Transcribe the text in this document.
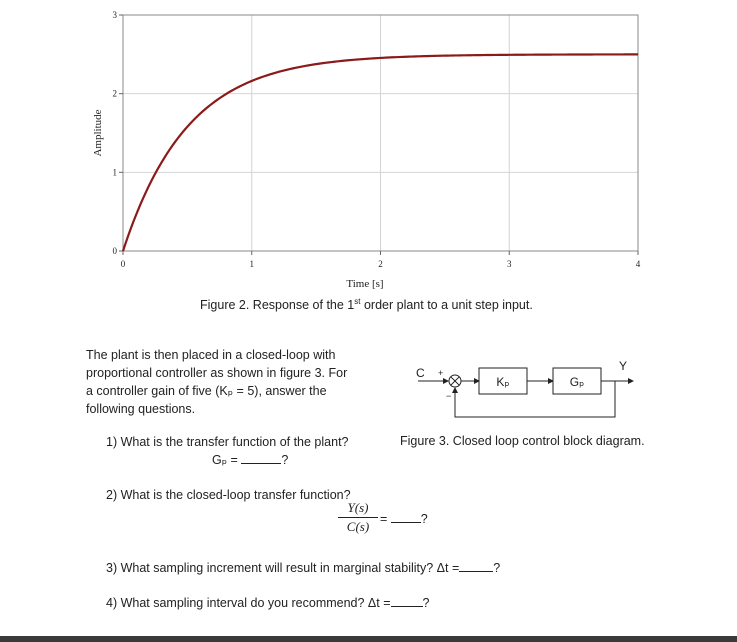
0	1	2	3	4
0
1
2
3
Time [s]
Amplitude
Figure 2. Response of the 1st order plant to a unit step input.
The plant is then placed in a closed-loop with
proportional controller as shown in figure 3. For
a controller gain of five (Kₚ = 5), answer the
following questions.
C +
−
Kₚ	Gₚ
Y
Figure 3. Closed loop control block diagram.
1) What is the transfer function of the plant?
Gₚ =	?
2) What is the closed-loop transfer function?
$\frac{Y(s)}{C(s)}$ =	?
3) What sampling increment will result in marginal stability? Δt =	?
4) What sampling interval do you recommend? Δt =	?
